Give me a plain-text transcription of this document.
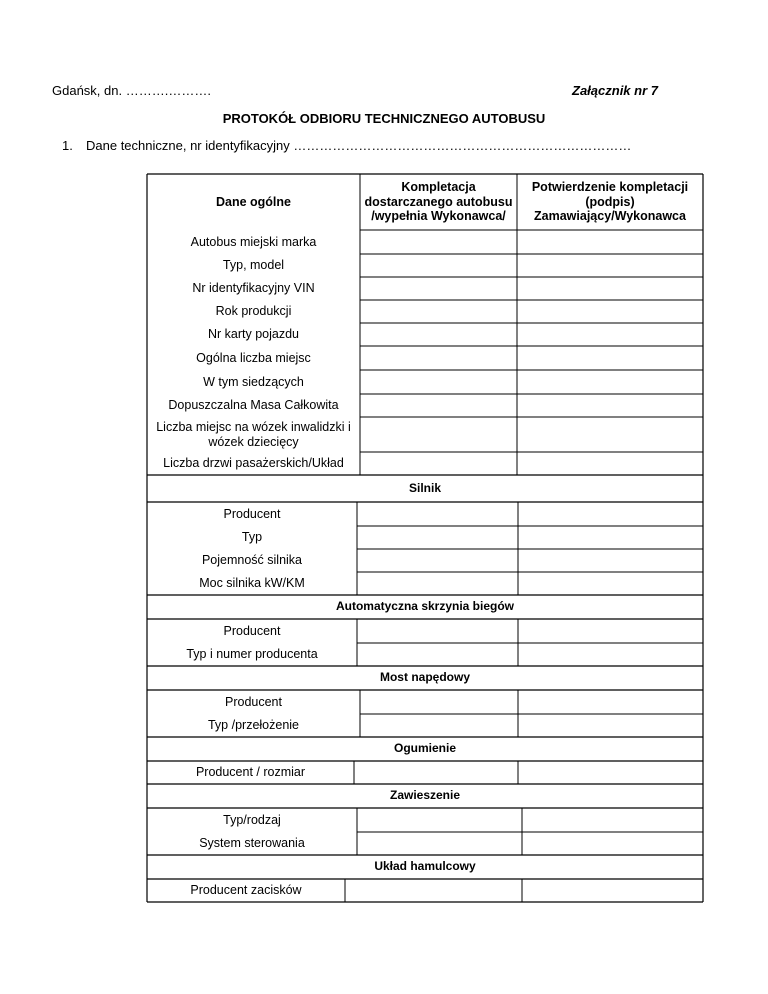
Gdańsk, dn. ……….……….	Załącznik nr 7
PROTOKÓŁ ODBIORU TECHNICZNEGO AUTOBUSU
1. Dane techniczne, nr identyfikacyjny ……………………………………………………………………
Dane ogólne
Kompletacja dostarczanego autobusu /wypełnia Wykonawca/
Potwierdzenie kompletacji (podpis) Zamawiający/Wykonawca
Autobus miejski marka
Typ, model
Nr identyfikacyjny VIN
Rok produkcji
Nr karty pojazdu
Ogólna liczba miejsc
W tym siedzących
Dopuszczalna Masa Całkowita
Liczba miejsc na wózek inwalidzki i wózek dziecięcy
Liczba drzwi pasażerskich/Układ
Silnik
Producent
Typ
Pojemność silnika
Moc silnika kW/KM
Automatyczna skrzynia biegów
Producent
Typ i numer producenta
Most napędowy
Producent
Typ /przełożenie
Ogumienie
Producent / rozmiar
Zawieszenie
Typ/rodzaj
System sterowania
Układ hamulcowy
Producent zacisków
